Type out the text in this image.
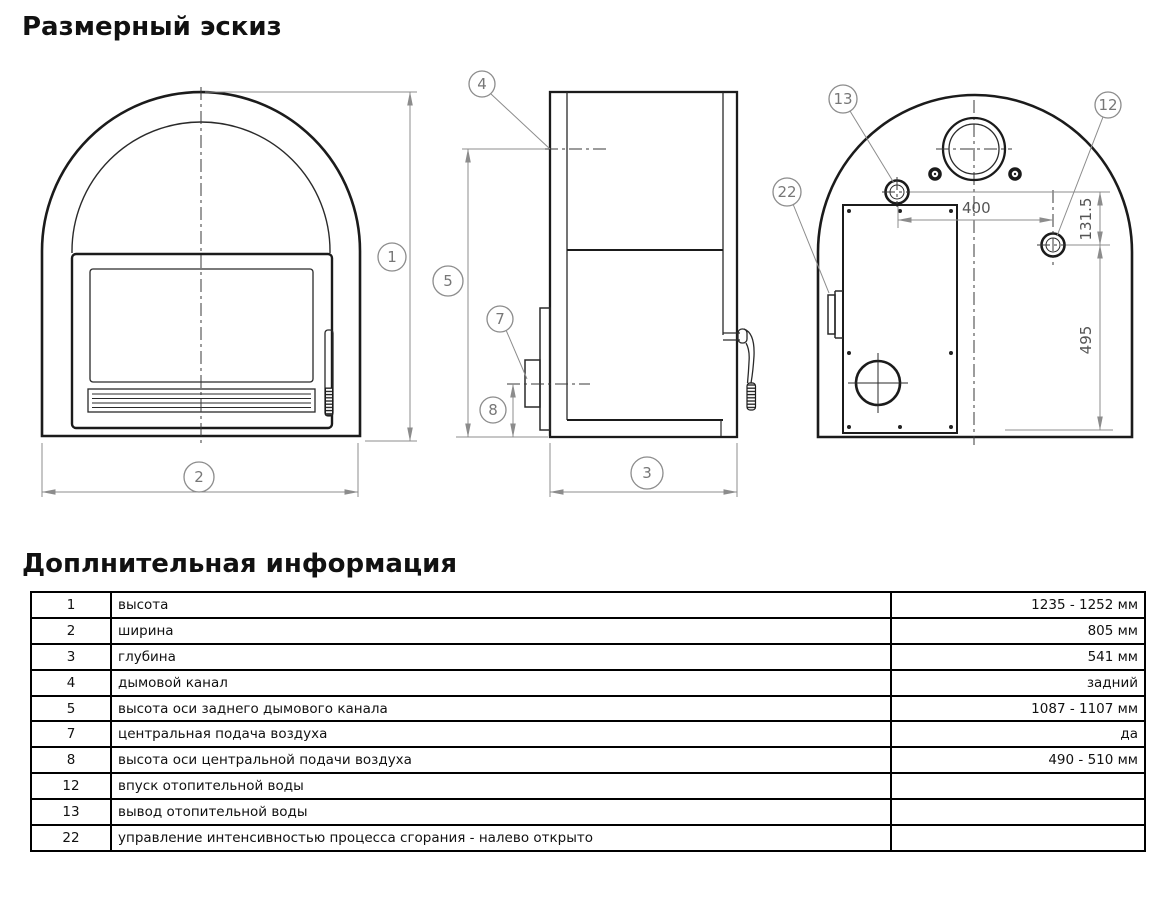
Размерный эскиз
1
2
4
5
7
8
3
13	12
22
400	131.5
495
Доплнительная информация
1	высота	1235 - 1252 мм
2	ширина	805 мм
3	глубина	541 мм
4	дымовой канал	задний
5	высота оси заднего дымового канала	1087 - 1107 мм
7	центральная подача воздуха	да
8	высота оси центральной подачи воздуха	490 - 510 мм
12	впуск отопительной воды	
13	вывод отопительной воды	
22	управление интенсивностью процесса сгорания - налево открыто	
